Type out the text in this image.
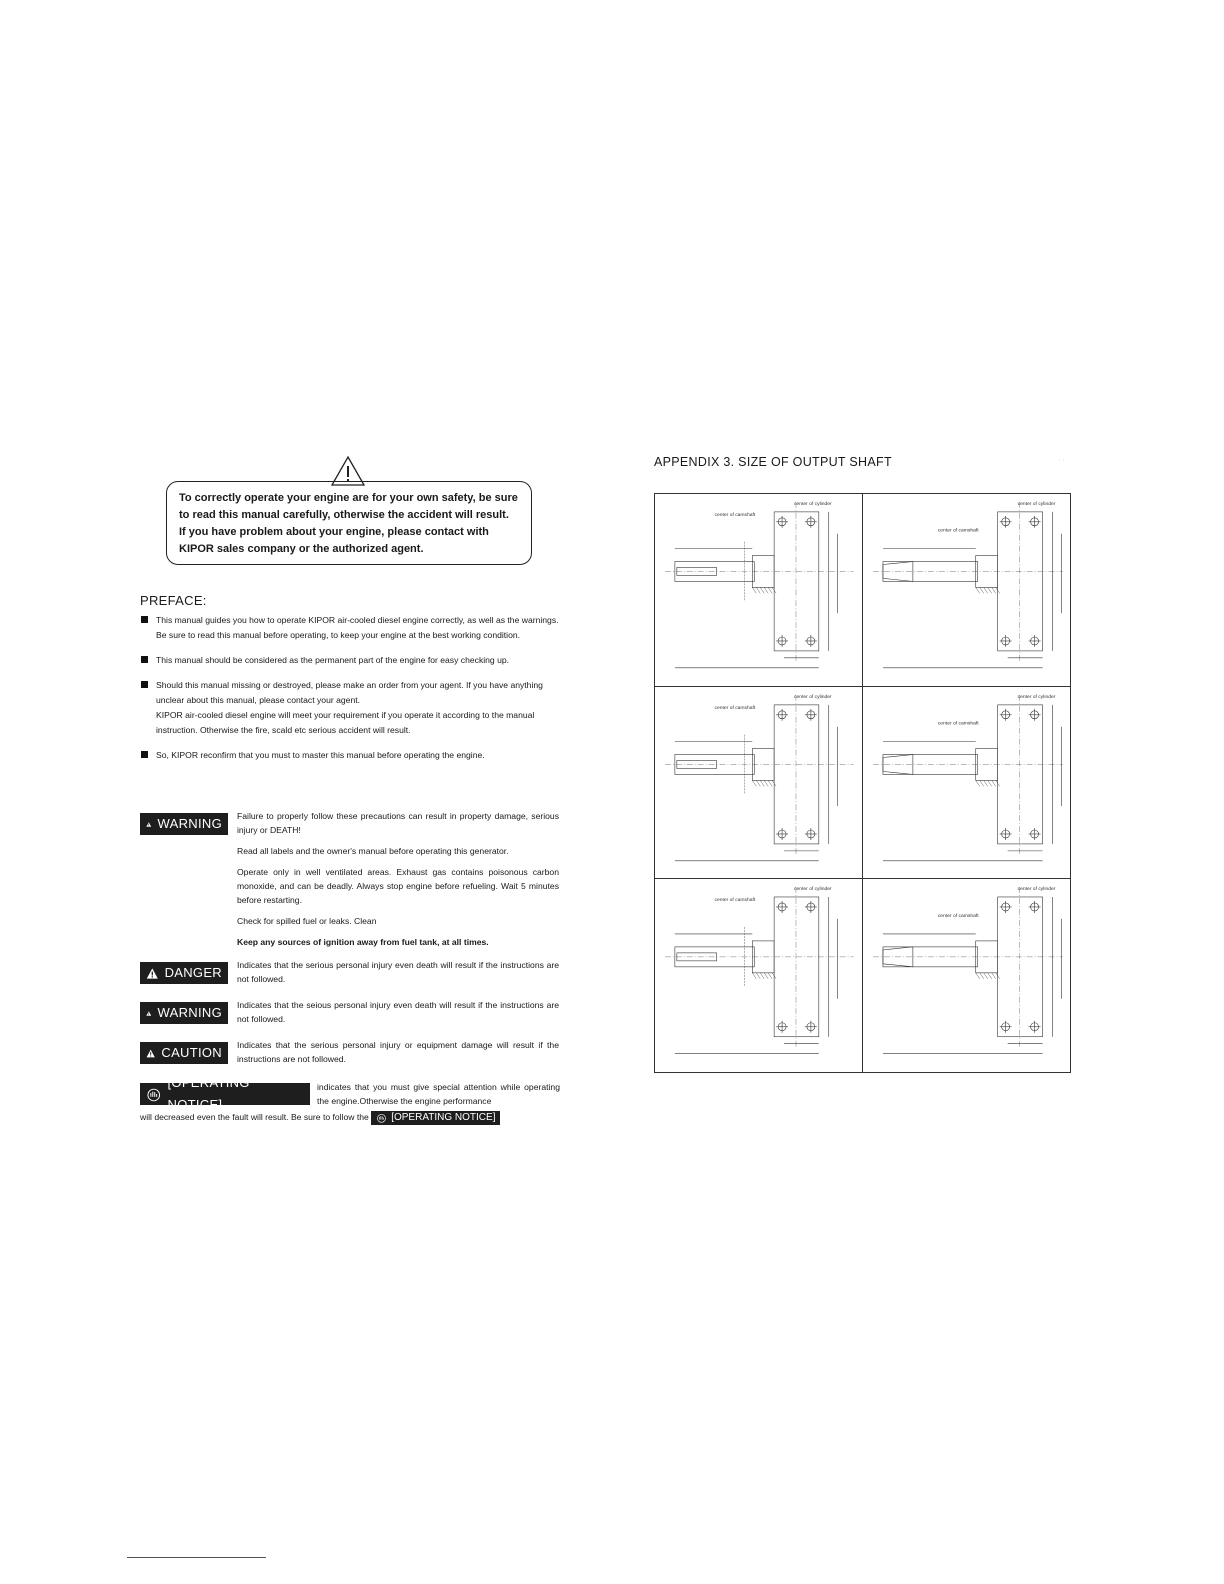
To correctly operate your engine are for your own safety, be sure to read this manual carefully, otherwise the accident will result.

If you have problem about your engine, please contact with KIPOR sales company or the authorized agent.

PREFACE:

This manual guides you how to operate KIPOR air-cooled diesel engine correctly, as well as the warnings. Be sure to read this manual before operating, to keep your engine at the best working condition.

This manual should be considered as the permanent part of the engine for easy checking up.

Should this manual missing or destroyed, please make an order from your agent. If you have anything unclear about this manual, please contact your agent.

KIPOR air-cooled diesel engine will meet your requirement if you operate it according to the manual instruction. Otherwise the fire, scald etc serious accident will result.

So, KIPOR reconfirm that you must to master this manual before operating the engine.

WARNING Failure to properly follow these precautions can result in property damage, serious injury or DEATH!

Read all labels and the owner's manual before operating this generator.

Operate only in well ventilated areas. Exhaust gas contains poisonous carbon monoxide, and can be deadly. Always stop engine before refueling. Wait 5 minutes before restarting.

Check for spilled fuel or leaks. Clean

Keep any sources of ignition away from fuel tank, at all times.

DANGER Indicates that the serious personal injury even death will result if the instructions are not followed.
WARNING Indicates that the seious personal injury even death will result if the instructions are not followed.
CAUTION Indicates that the serious personal injury or equipment damage will result if the instructions are not followed.
[OPERATING NOTICE]
indicates that you must give special attention while operating the engine.Otherwise the engine performance
will decreased even the fault will result. Be sure to follow the [OPERATING NOTICE]
APPENDIX 3. SIZE OF OUTPUT SHAFT	· ·
center of cylinder
center of camshaft
center of cylinder
center of camshaft
center of cylinder
center of camshaft
center of cylinder
center of camshaft
center of cylinder
center of camshaft
center of cylinder
center of camshaft
